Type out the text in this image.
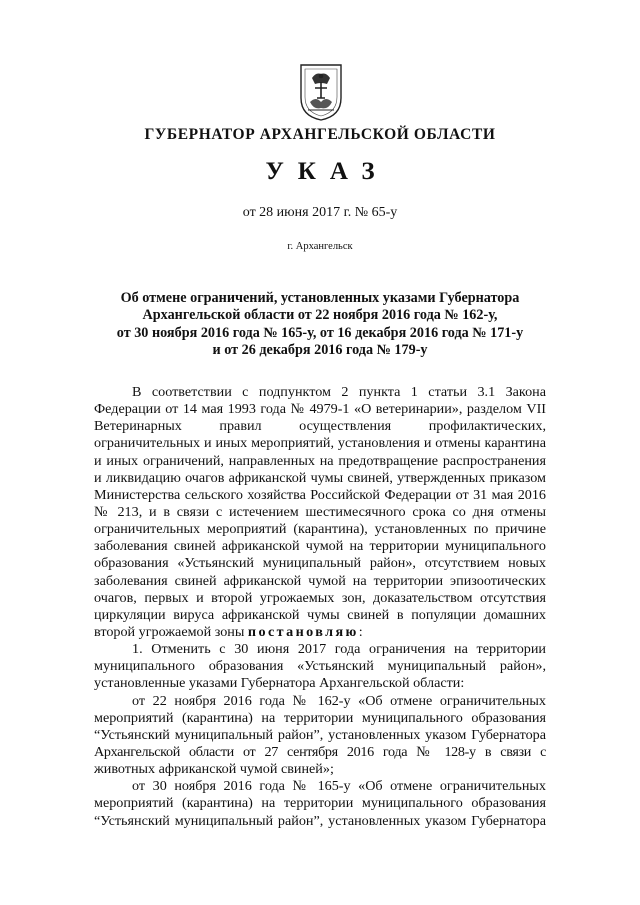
ГУБЕРНАТОР АРХАНГЕЛЬСКОЙ ОБЛАСТИ
УКАЗ
от 28 июня 2017 г. № 65-у
г. Архангельск
Об отмене ограничений, установленных указами Губернатора
Архангельской области от 22 ноября 2016 года № 162-у,
от 30 ноября 2016 года № 165-у, от 16 декабря 2016 года № 171-у
и от 26 декабря 2016 года № 179-у
В соответствии с подпунктом 2 пункта 1 статьи 3.1 Закона
Федерации от 14 мая 1993 года № 4979-1 «О ветеринарии», разделом VII
Ветеринарных правил осуществления профилактических,
ограничительных и иных мероприятий, установления и отмены карантина
и иных ограничений, направленных на предотвращение распространения
и ликвидацию очагов африканской чумы свиней, утвержденных приказом
Министерства сельского хозяйства Российской Федерации от 31 мая 2016
№ 213, и в связи с истечением шестимесячного срока со дня отмены
ограничительных мероприятий (карантина), установленных по причине
заболевания свиней африканской чумой на территории муниципального
образования «Устьянский муниципальный район», отсутствием новых
заболевания свиней африканской чумой на территории эпизоотических
очагов, первых и второй угрожаемых зон, доказательством отсутствия
циркуляции вируса африканской чумы свиней в популяции домашних
второй угрожаемой зоны постановляю:
1. Отменить с 30 июня 2017 года ограничения на территории
муниципального образования «Устьянский муниципальный район»,
установленные указами Губернатора Архангельской области:
от 22 ноября 2016 года № 162-у «Об отмене ограничительных
мероприятий (карантина) на территории муниципального образования
“Устьянский муниципальный район”, установленных указом Губернатора
Архангельской области от 27 сентября 2016 года № 128-у в связи с
животных африканской чумой свиней»;
от 30 ноября 2016 года № 165-у «Об отмене ограничительных
мероприятий (карантина) на территории муниципального образования
“Устьянский муниципальный район”, установленных указом Губернатора
